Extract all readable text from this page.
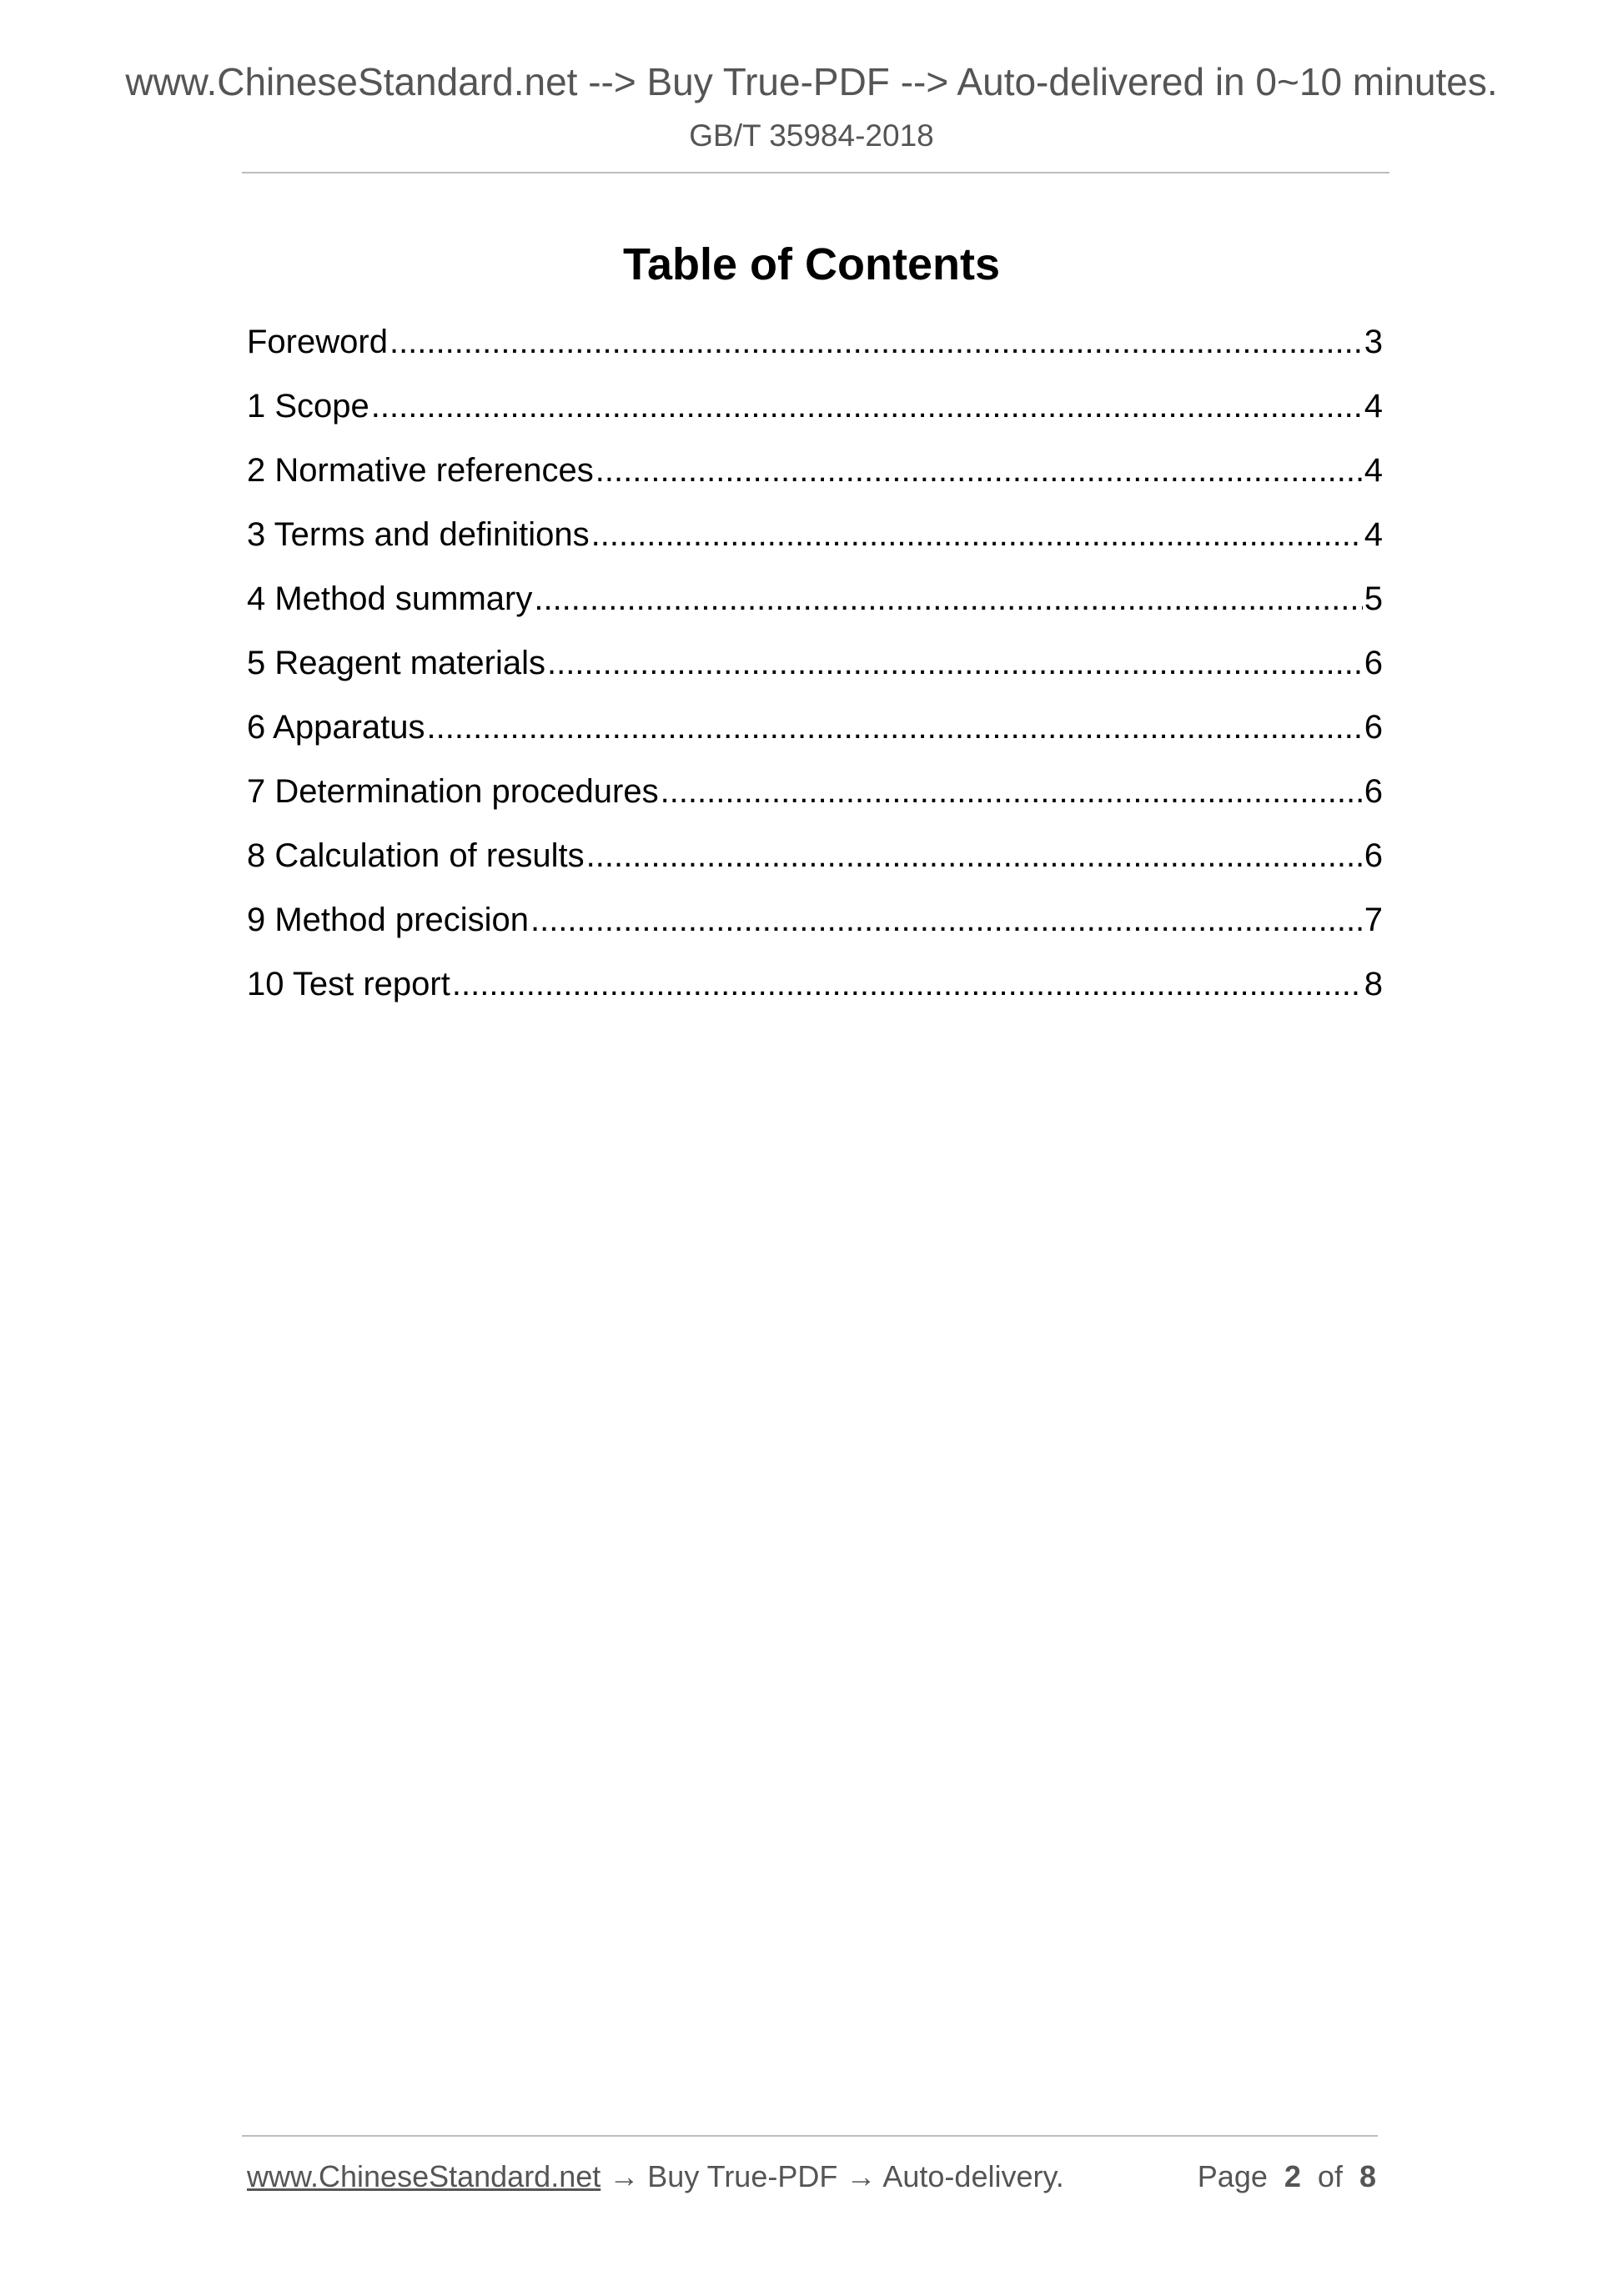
www.ChineseStandard.net --> Buy True-PDF --> Auto-delivered in 0~10 minutes.
GB/T 35984-2018
Table of Contents
Foreword .....	3
1 Scope .....	4
2 Normative references .....	4
3 Terms and definitions .....	4
4 Method summary .....	5
5 Reagent materials .....	6
6 Apparatus .....	6
7 Determination procedures .....	6
8 Calculation of results .....	6
9 Method precision .....	7
10 Test report .....	8
www.ChineseStandard.net → Buy True-PDF → Auto-delivery.	Page 2 of 8
